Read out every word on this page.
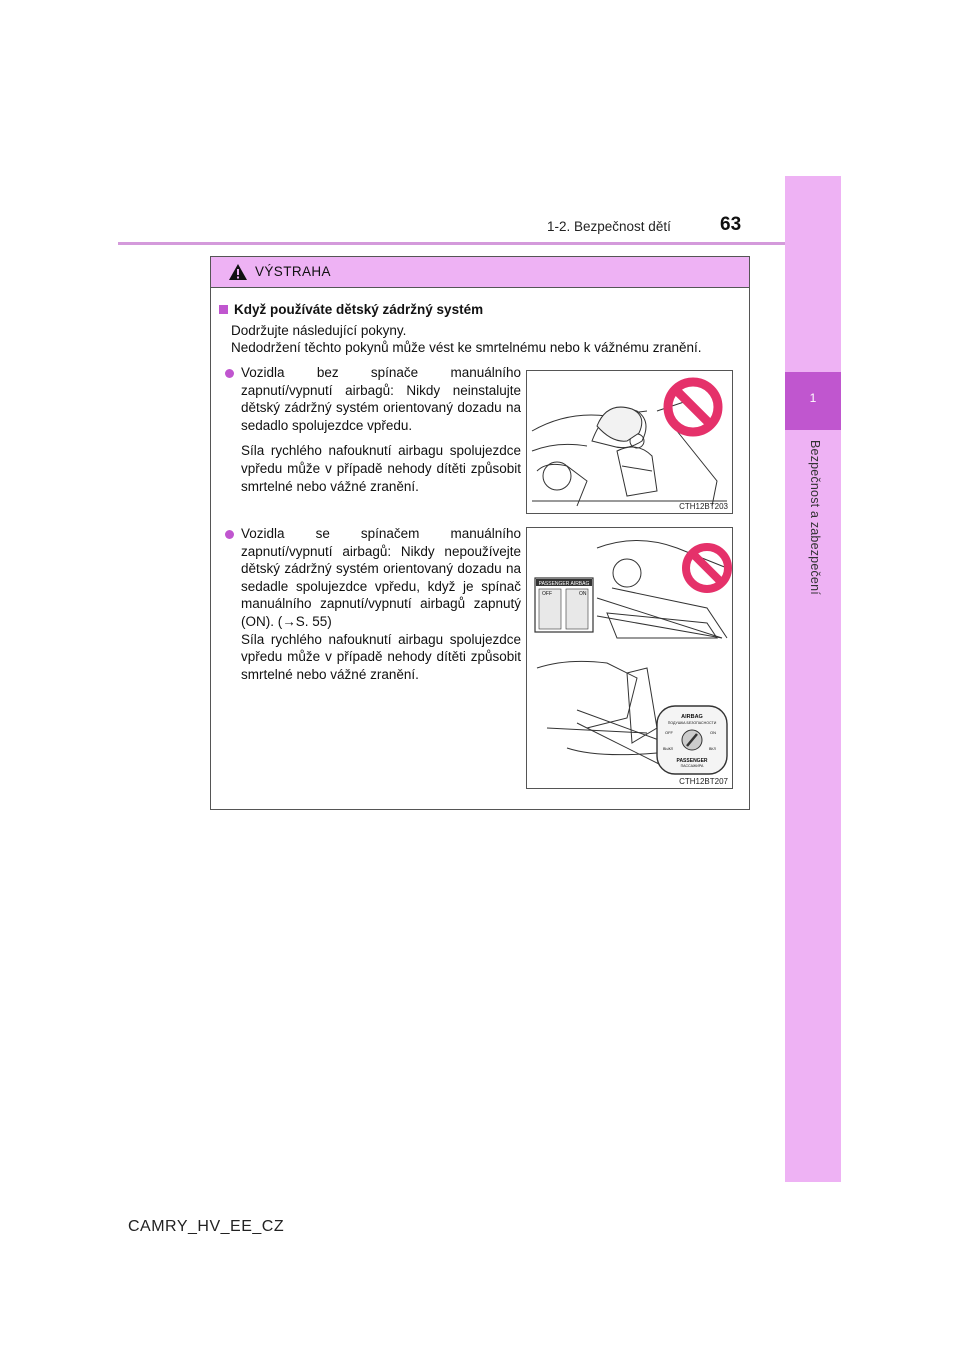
1
Bezpečnost a zabezpečení
1-2. Bezpečnost dětí	63
VÝSTRAHA
Když používáte dětský zádržný systém

Dodržujte následující pokyny.

Nedodržení těchto pokynů může vést ke smrtelnému nebo k vážnému zranění.

Vozidla bez spínače manuálního zapnutí/vypnutí airbagů: Nikdy neinstalujte dětský zádržný systém orientovaný dozadu na sedadlo spolujezdce vpředu.

Síla rychlého nafouknutí airbagu spolujezdce vpředu může v případě nehody dítěti způsobit smrtelné nebo vážné zranění.

Vozidla se spínačem manuálního zapnutí/vypnutí airbagů: Nikdy nepoužívejte dětský zádržný systém orientovaný dozadu na sedadle spolujezdce vpředu, když je spínač manuálního zapnutí/vypnutí airbagů zapnutý (ON). (→S. 55)

Síla rychlého nafouknutí airbagu spolujezdce vpředu může v případě nehody dítěti způsobit smrtelné nebo vážné zranění.

CTH12BT203
PASSENGER AIRBAG
OFF	ON
AIRBAG
ПОДУШКА БЕЗОПАСНОСТИ
OFF	ON
ВЫКЛ	ВКЛ
PASSENGER
ПАССАЖИРА
CTH12BT207
CAMRY_HV_EE_CZ
